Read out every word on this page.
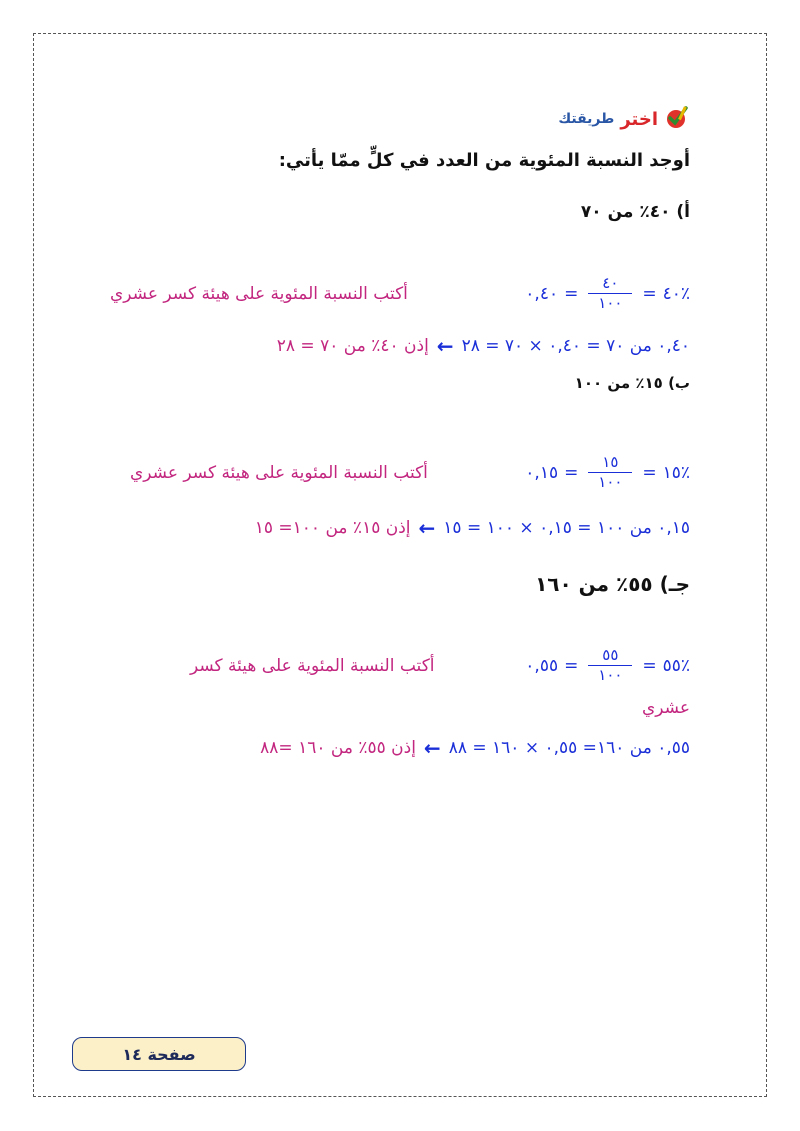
اختر
طريقتك
أوجد النسبة المئوية من العدد في كلٍّ ممّا يأتي:
أ) ٤٠٪ من ٧٠
٪٤٠
=
$\frac{٤٠}{١٠٠}$
=
٠,٤٠
أكتب النسبة المئوية على هيئة كسر عشري
٠,٤٠ من ٧٠ = ٠,٤٠ × ٧٠ = ٢٨
←
إذن ٤٠٪ من ٧٠ = ٢٨
ب) ١٥٪ من ١٠٠
٪١٥
=
$\frac{١٥}{١٠٠}$
=
٠,١٥
أكتب النسبة المئوية على هيئة كسر عشري
٠,١٥ من ١٠٠ = ٠,١٥ × ١٠٠ = ١٥
←
إذن ١٥٪ من ١٠٠= ١٥
جـ) ٥٥٪ من ١٦٠
٪٥٥
=
$\frac{٥٥}{١٠٠}$
=
٠,٥٥
أكتب النسبة المئوية على هيئة كسر
عشري
٠,٥٥ من ١٦٠= ٠,٥٥ × ١٦٠ = ٨٨
←
إذن ٥٥٪ من ١٦٠ =٨٨
صفحة ١٤
